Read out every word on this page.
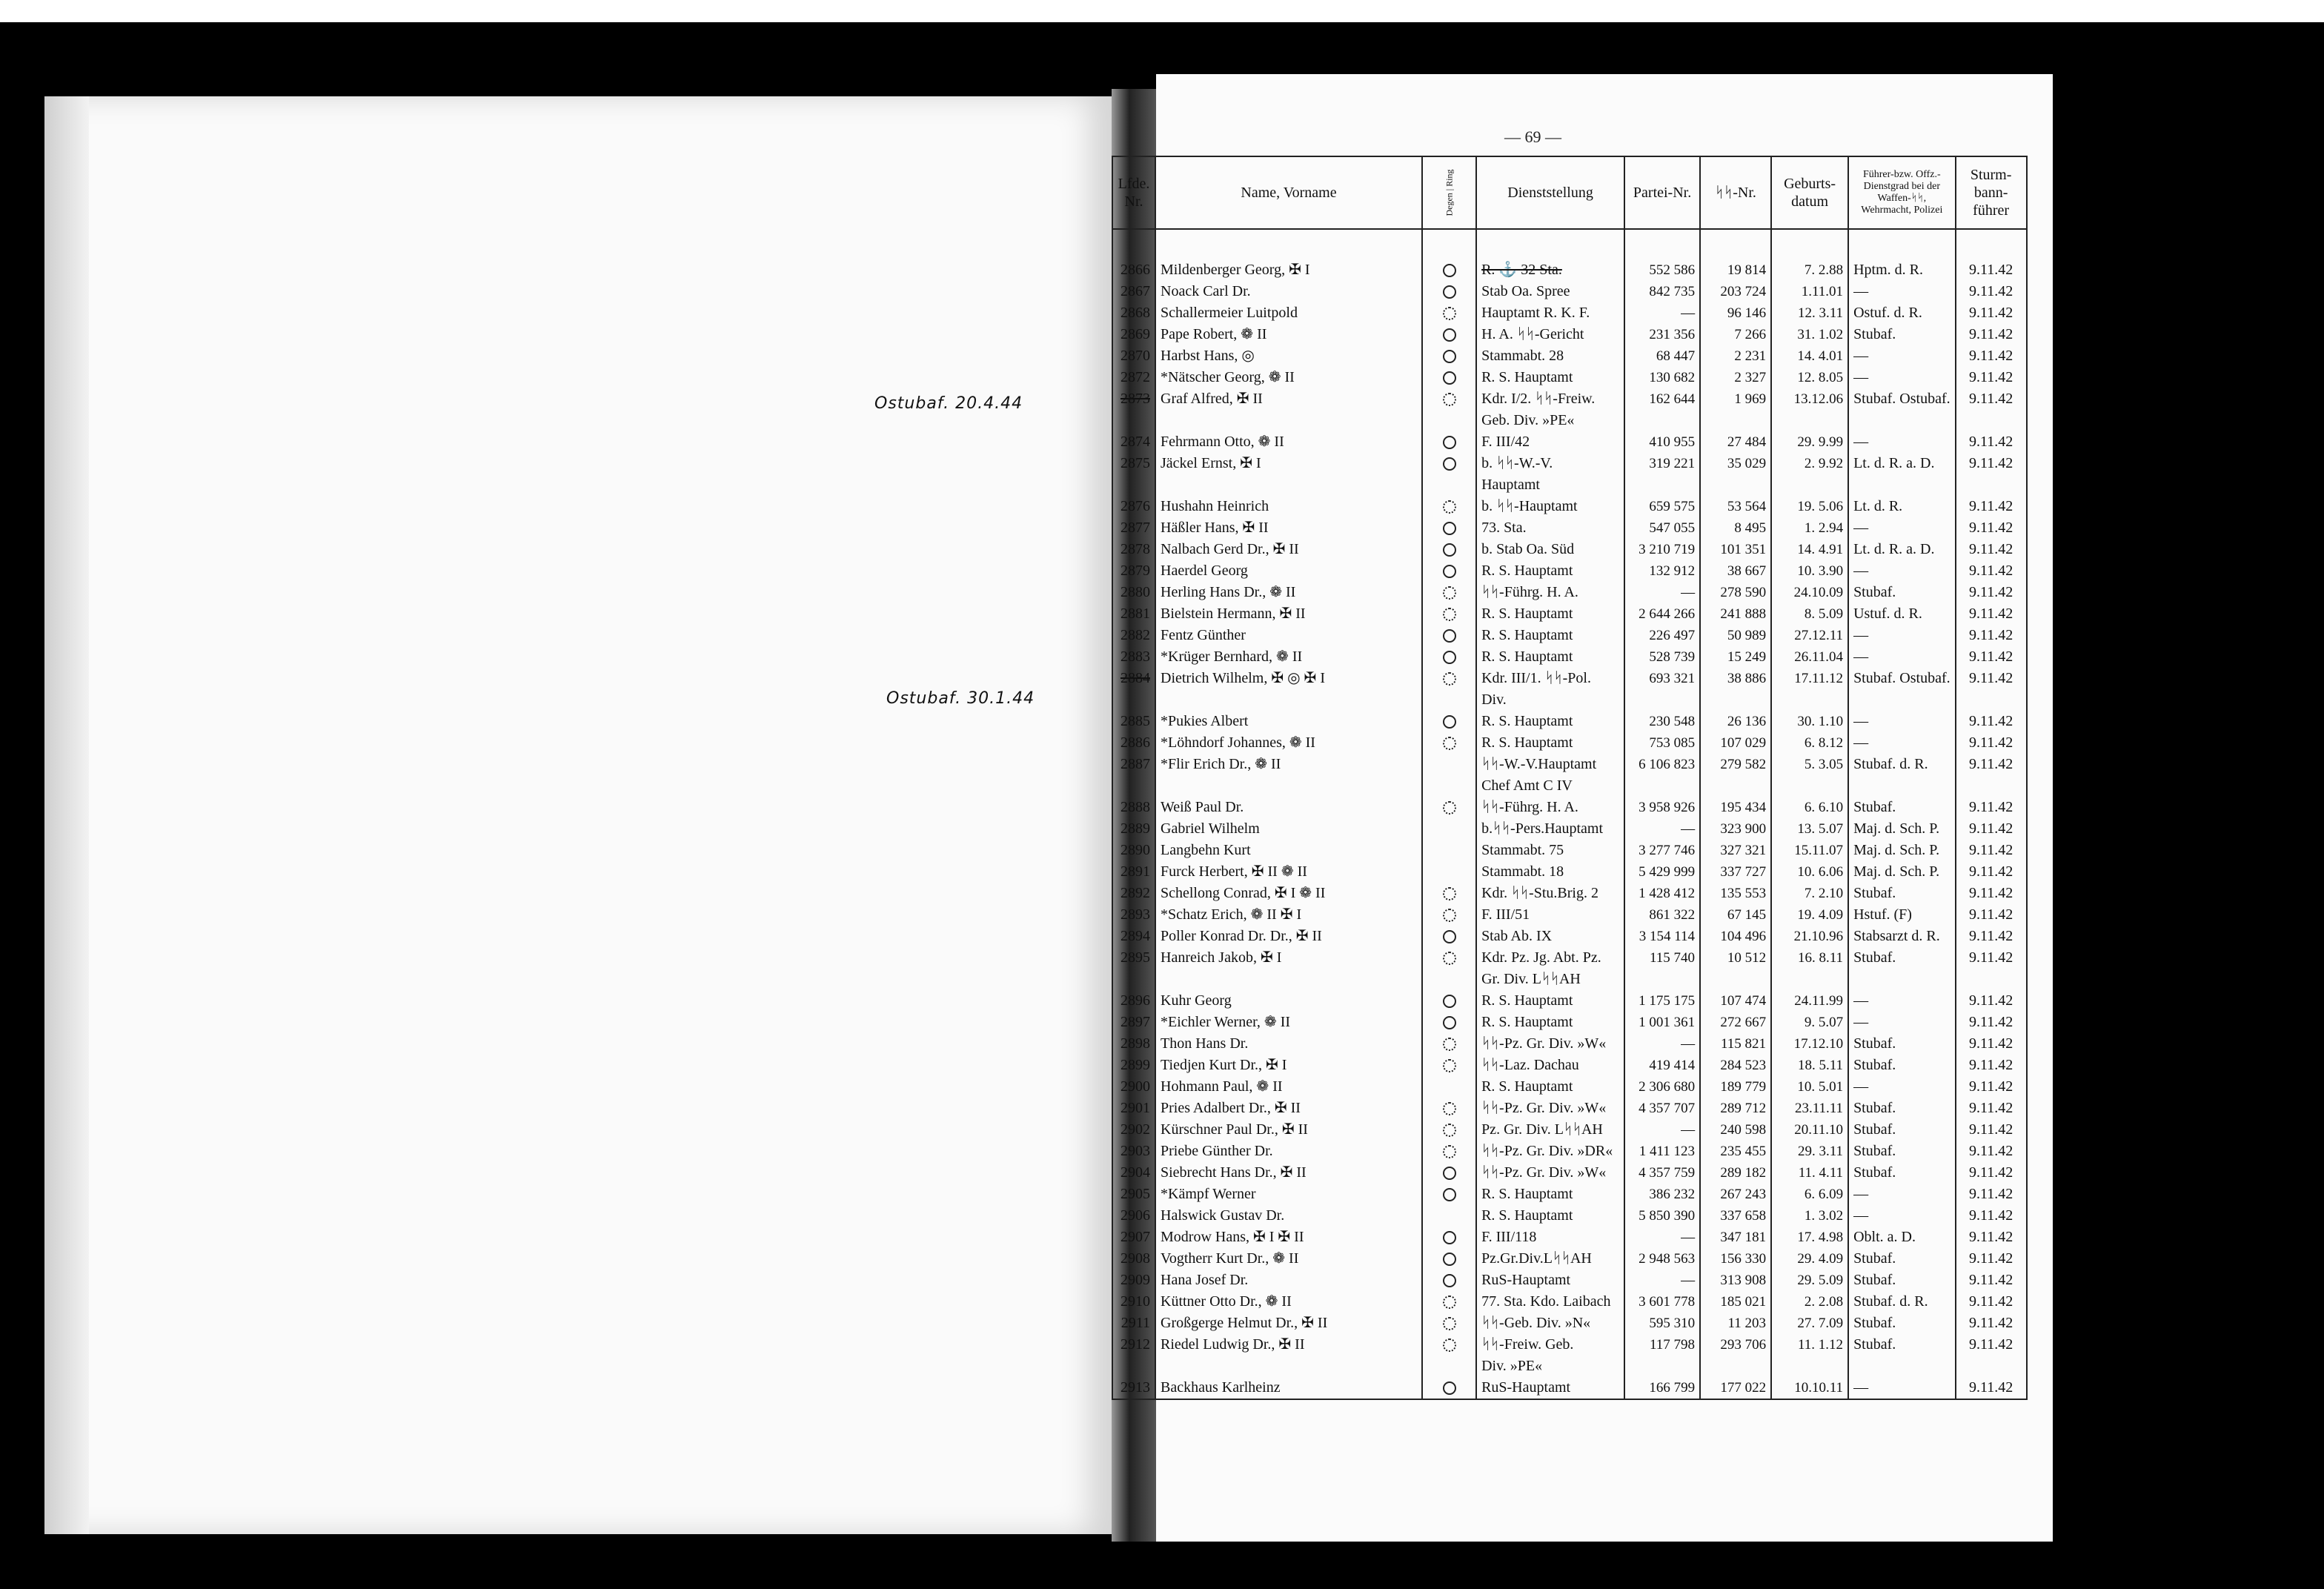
Ostubaf. 20.4.44
Ostubaf. 30.1.44
— 69 —
Lfde. Nr.	Name, Vorname	Degen | Ring	Dienststellung	Partei-Nr.	ᛋᛋ-Nr.	Geburts-datum	Führer-bzw. Offz.-Dienstgrad bei der Waffen-ᛋᛋ, Wehrmacht, Polizei	Sturm-bann-führer
2866	Mildenberger Georg, ✠ I		R. ⚓ 32 Sta.	552 586	19 814	7. 2.88	Hptm. d. R.	9.11.42
2867	Noack Carl Dr.		Stab Oa. Spree	842 735	203 724	1.11.01	—	9.11.42
2868	Schallermeier Luitpold		Hauptamt R. K. F.	—	96 146	12. 3.11	Ostuf. d. R.	9.11.42
2869	Pape Robert, ❁ II		H. A. ᛋᛋ-Gericht	231 356	7 266	31. 1.02	Stubaf.	9.11.42
2870	Harbst Hans, ◎		Stammabt. 28	68 447	2 231	14. 4.01	—	9.11.42
2872	*Nätscher Georg, ❁ II		R. S. Hauptamt	130 682	2 327	12. 8.05	—	9.11.42
2873	Graf Alfred, ✠ II		Kdr. I/2. ᛋᛋ-Freiw.	162 644	1 969	13.12.06	Stubaf. Ostubaf.	9.11.42
			Geb. Div. »PE«					
2874	Fehrmann Otto, ❁ II		F. III/42	410 955	27 484	29. 9.99	—	9.11.42
2875	Jäckel Ernst, ✠ I		b. ᛋᛋ-W.-V.	319 221	35 029	2. 9.92	Lt. d. R. a. D.	9.11.42
			Hauptamt					
2876	Hushahn Heinrich		b. ᛋᛋ-Hauptamt	659 575	53 564	19. 5.06	Lt. d. R.	9.11.42
2877	Häßler Hans, ✠ II		73. Sta.	547 055	8 495	1. 2.94	—	9.11.42
2878	Nalbach Gerd Dr., ✠ II		b. Stab Oa. Süd	3 210 719	101 351	14. 4.91	Lt. d. R. a. D.	9.11.42
2879	Haerdel Georg		R. S. Hauptamt	132 912	38 667	10. 3.90	—	9.11.42
2880	Herling Hans Dr., ❁ II		ᛋᛋ-Führg. H. A.	—	278 590	24.10.09	Stubaf.	9.11.42
2881	Bielstein Hermann, ✠ II		R. S. Hauptamt	2 644 266	241 888	8. 5.09	Ustuf. d. R.	9.11.42
2882	Fentz Günther		R. S. Hauptamt	226 497	50 989	27.12.11	—	9.11.42
2883	*Krüger Bernhard, ❁ II		R. S. Hauptamt	528 739	15 249	26.11.04	—	9.11.42
2884	Dietrich Wilhelm, ✠ ◎ ✠ I		Kdr. III/1. ᛋᛋ-Pol.	693 321	38 886	17.11.12	Stubaf. Ostubaf.	9.11.42
			Div.					
2885	*Pukies Albert		R. S. Hauptamt	230 548	26 136	30. 1.10	—	9.11.42
2886	*Löhndorf Johannes, ❁ II		R. S. Hauptamt	753 085	107 029	6. 8.12	—	9.11.42
2887	*Flir Erich Dr., ❁ II		ᛋᛋ-W.-V.Hauptamt	6 106 823	279 582	5. 3.05	Stubaf. d. R.	9.11.42
			Chef Amt C IV					
2888	Weiß Paul Dr.		ᛋᛋ-Führg. H. A.	3 958 926	195 434	6. 6.10	Stubaf.	9.11.42
2889	Gabriel Wilhelm		b.ᛋᛋ-Pers.Hauptamt	—	323 900	13. 5.07	Maj. d. Sch. P.	9.11.42
2890	Langbehn Kurt		Stammabt. 75	3 277 746	327 321	15.11.07	Maj. d. Sch. P.	9.11.42
2891	Furck Herbert, ✠ II ❁ II		Stammabt. 18	5 429 999	337 727	10. 6.06	Maj. d. Sch. P.	9.11.42
2892	Schellong Conrad, ✠ I ❁ II		Kdr. ᛋᛋ-Stu.Brig. 2	1 428 412	135 553	7. 2.10	Stubaf.	9.11.42
2893	*Schatz Erich, ❁ II ✠ I		F. III/51	861 322	67 145	19. 4.09	Hstuf. (F)	9.11.42
2894	Poller Konrad Dr. Dr., ✠ II		Stab Ab. IX	3 154 114	104 496	21.10.96	Stabsarzt d. R.	9.11.42
2895	Hanreich Jakob, ✠ I		Kdr. Pz. Jg. Abt. Pz.	115 740	10 512	16. 8.11	Stubaf.	9.11.42
			Gr. Div. LᛋᛋAH					
2896	Kuhr Georg		R. S. Hauptamt	1 175 175	107 474	24.11.99	—	9.11.42
2897	*Eichler Werner, ❁ II		R. S. Hauptamt	1 001 361	272 667	9. 5.07	—	9.11.42
2898	Thon Hans Dr.		ᛋᛋ-Pz. Gr. Div. »W«	—	115 821	17.12.10	Stubaf.	9.11.42
2899	Tiedjen Kurt Dr., ✠ I		ᛋᛋ-Laz. Dachau	419 414	284 523	18. 5.11	Stubaf.	9.11.42
2900	Hohmann Paul, ❁ II		R. S. Hauptamt	2 306 680	189 779	10. 5.01	—	9.11.42
2901	Pries Adalbert Dr., ✠ II		ᛋᛋ-Pz. Gr. Div. »W«	4 357 707	289 712	23.11.11	Stubaf.	9.11.42
2902	Kürschner Paul Dr., ✠ II		Pz. Gr. Div. LᛋᛋAH	—	240 598	20.11.10	Stubaf.	9.11.42
2903	Priebe Günther Dr.		ᛋᛋ-Pz. Gr. Div. »DR«	1 411 123	235 455	29. 3.11	Stubaf.	9.11.42
2904	Siebrecht Hans Dr., ✠ II		ᛋᛋ-Pz. Gr. Div. »W«	4 357 759	289 182	11. 4.11	Stubaf.	9.11.42
2905	*Kämpf Werner		R. S. Hauptamt	386 232	267 243	6. 6.09	—	9.11.42
2906	Halswick Gustav Dr.		R. S. Hauptamt	5 850 390	337 658	1. 3.02	—	9.11.42
2907	Modrow Hans, ✠ I ✠ II		F. III/118	—	347 181	17. 4.98	Oblt. a. D.	9.11.42
2908	Vogtherr Kurt Dr., ❁ II		Pz.Gr.Div.LᛋᛋAH	2 948 563	156 330	29. 4.09	Stubaf.	9.11.42
2909	Hana Josef Dr.		RuS-Hauptamt	—	313 908	29. 5.09	Stubaf.	9.11.42
2910	Küttner Otto Dr., ❁ II		77. Sta. Kdo. Laibach	3 601 778	185 021	2. 2.08	Stubaf. d. R.	9.11.42
2911	Großgerge Helmut Dr., ✠ II		ᛋᛋ-Geb. Div. »N«	595 310	11 203	27. 7.09	Stubaf.	9.11.42
2912	Riedel Ludwig Dr., ✠ II		ᛋᛋ-Freiw. Geb.	117 798	293 706	11. 1.12	Stubaf.	9.11.42
			Div. »PE«					
2913	Backhaus Karlheinz		RuS-Hauptamt	166 799	177 022	10.10.11	—	9.11.42
